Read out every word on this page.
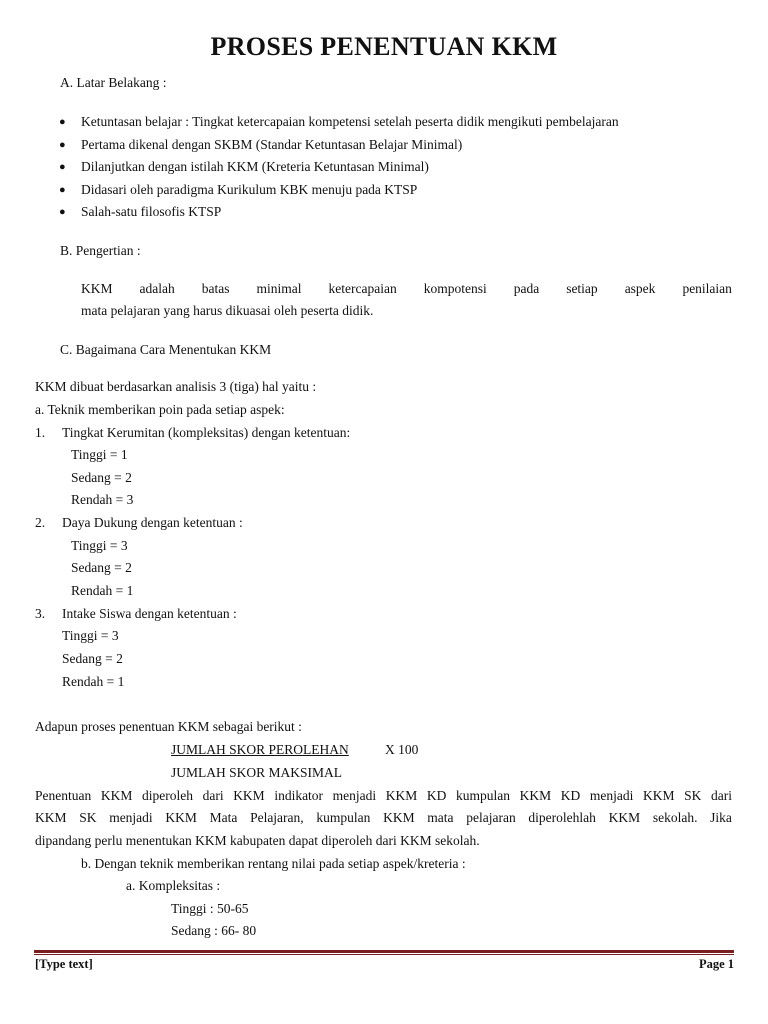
PROSES PENENTUAN KKM
A. Latar Belakang :
● Ketuntasan belajar : Tingkat ketercapaian kompetensi setelah peserta didik mengikuti pembelajaran
● Pertama dikenal dengan SKBM (Standar Ketuntasan Belajar Minimal)
● Dilanjutkan dengan istilah KKM (Kreteria Ketuntasan Minimal)
● Didasari oleh paradigma Kurikulum KBK menuju pada KTSP
● Salah-satu filosofis KTSP
B. Pengertian :
KKM adalah batas minimal ketercapaian kompotensi pada setiap aspek penilaian
mata pelajaran yang harus dikuasai oleh peserta didik.
C. Bagaimana Cara Menentukan KKM
KKM dibuat berdasarkan analisis 3 (tiga) hal yaitu :
a. Teknik memberikan poin pada setiap aspek:
1. Tingkat Kerumitan (kompleksitas) dengan ketentuan:
Tinggi = 1
Sedang = 2
Rendah = 3
2. Daya Dukung dengan ketentuan :
Tinggi = 3
Sedang = 2
Rendah = 1
3. Intake Siswa dengan ketentuan :
Tinggi = 3
Sedang = 2
Rendah = 1
Adapun proses penentuan KKM sebagai berikut :
JUMLAH SKOR PEROLEHAN	X 100
JUMLAH SKOR MAKSIMAL
Penentuan KKM diperoleh dari KKM indikator menjadi KKM KD kumpulan KKM KD menjadi KKM SK dari
KKM SK menjadi KKM Mata Pelajaran, kumpulan KKM mata pelajaran diperolehlah KKM sekolah. Jika
dipandang perlu menentukan KKM kabupaten dapat diperoleh dari KKM sekolah.
b. Dengan teknik memberikan rentang nilai pada setiap aspek/kreteria :
a. Kompleksitas :
Tinggi : 50-65
Sedang : 66- 80
[Type text]	Page 1
